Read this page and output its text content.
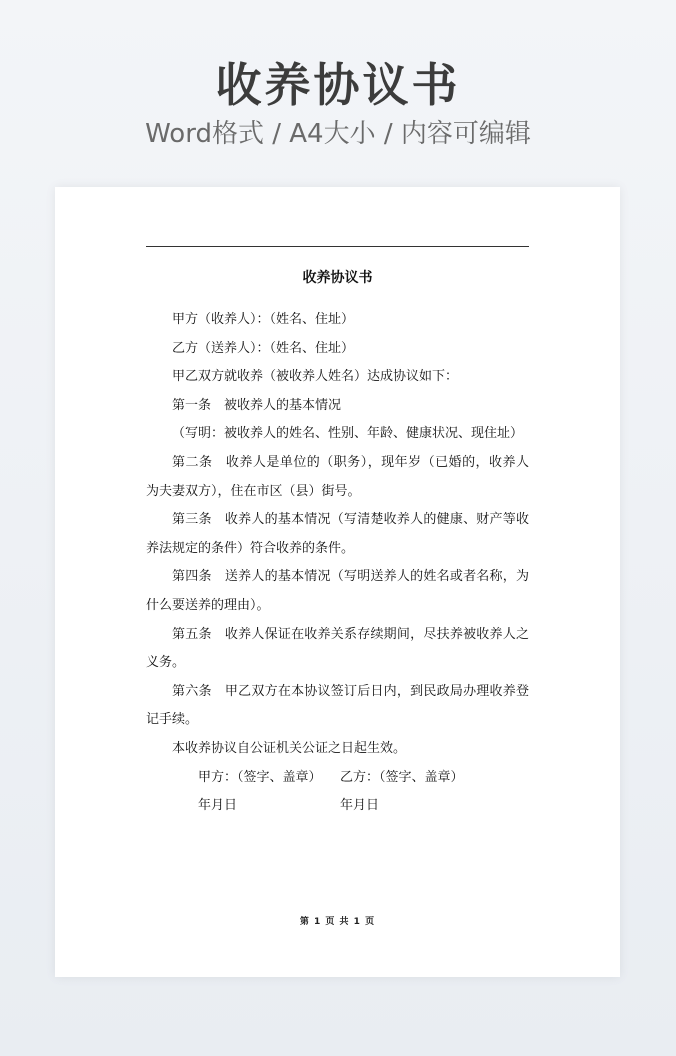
收养协议书
Word格式 / A4大小 / 内容可编辑
收养协议书

甲方（收养人）：（姓名、住址）

乙方（送养人）：（姓名、住址）

甲乙双方就收养（被收养人姓名）达成协议如下：

第一条　被收养人的基本情况

（写明：被收养人的姓名、性别、年龄、健康状况、现住址）

第二条　收养人是单位的（职务），现年岁（已婚的，收养人为夫妻双方），住在市区（县）街号。

第三条　收养人的基本情况（写清楚收养人的健康、财产等收养法规定的条件）符合收养的条件。

第四条　送养人的基本情况（写明送养人的姓名或者名称，为什么要送养的理由）。

第五条　收养人保证在收养关系存续期间，尽扶养被收养人之义务。

第六条　甲乙双方在本协议签订后日内，到民政局办理收养登记手续。

本收养协议自公证机关公证之日起生效。

甲方：（签字、盖章） 乙方：（签字、盖章）
年月日	年月日
第 1 页 共 1 页
